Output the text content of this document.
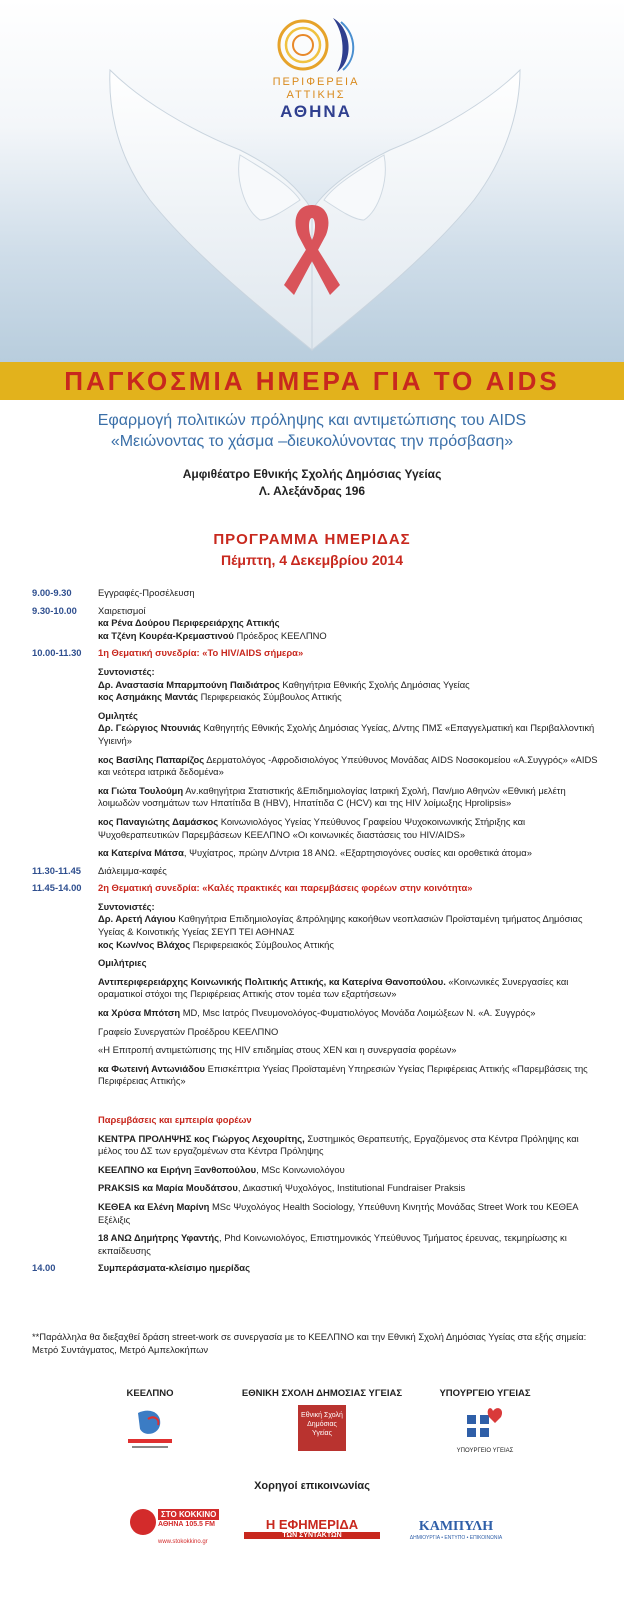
ΠΕΡΙΦΕΡΕΙΑ
ΑΤΤΙΚΗΣ
ΑΘΗΝΑ
ΠΑΓΚΟΣΜΙΑ ΗΜΕΡΑ ΓΙΑ ΤΟ AIDS
Εφαρμογή πολιτικών πρόληψης και αντιμετώπισης του AIDS
«Μειώνοντας το χάσμα –διευκολύνοντας την πρόσβαση»
Αμφιθέατρο Εθνικής Σχολής Δημόσιας Υγείας
Λ. Αλεξάνδρας 196
ΠΡΟΓΡΑΜΜΑ ΗΜΕΡΙΔΑΣ
Πέμπτη, 4 Δεκεμβρίου 2014
9.00-9.30	Εγγραφές-Προσέλευση
9.30-10.00	Χαιρετισμοί
κα Ρένα Δούρου Περιφερειάρχης Αττικής
κα Τζένη Κουρέα-Κρεμαστινού Πρόεδρος ΚΕΕΛΠΝΟ
10.00-11.30	1η Θεματική συνεδρία: «Το HIV/AIDS σήμερα»
Συντονιστές:
Δρ. Αναστασία Μπαρμπούνη Παιδιάτρος Καθηγήτρια Εθνικής Σχολής Δημόσιας Υγείας
κος Ασημάκης Μαντάς Περιφερειακός Σύμβουλος Αττικής
Ομιλητές
Δρ. Γεώργιος Ντουνιάς Καθηγητής Εθνικής Σχολής Δημόσιας Υγείας, Δ/ντης ΠΜΣ «Επαγγελματική και Περιβαλλοντική Υγιεινή»
κος Βασίλης Παπαρίζος Δερματολόγος -Αφροδισιολόγος Υπεύθυνος Μονάδας AIDS Νοσοκομείου «Α.Συγγρός» «AIDS και νεότερα ιατρικά δεδομένα»
κα Γιώτα Τουλούμη Αν.καθηγήτρια Στατιστικής &Επιδημιολογίας Ιατρική Σχολή, Παν/μιο Αθηνών «Εθνική μελέτη λοιμωδών νοσημάτων των Ηπατίτιδα Β (HBV), Ηπατίτιδα C (HCV) και της HIV λοίμωξης Hprolipsis»
κος Παναγιώτης Δαμάσκος Κοινωνιολόγος Υγείας Υπεύθυνος Γραφείου Ψυχοκοινωνικής Στήριξης και Ψυχοθεραπευτικών Παρεμβάσεων ΚΕΕΛΠΝΟ «Οι κοινωνικές διαστάσεις του HIV/AIDS»
κα Κατερίνα Μάτσα, Ψυχίατρος, πρώην Δ/ντρια 18 ΑΝΩ. «Εξαρτησιογόνες ουσίες και οροθετικά άτομα»
11.30-11.45	Διάλειμμα-καφές
11.45-14.00	2η Θεματική συνεδρία: «Καλές πρακτικές και παρεμβάσεις φορέων στην κοινότητα»
Συντονιστές:
Δρ. Αρετή Λάγιου Καθηγήτρια Επιδημιολογίας &πρόληψης κακοήθων νεοπλασιών Προϊσταμένη τμήματος Δημόσιας Υγείας & Κοινοτικής Υγείας ΣΕΥΠ ΤΕΙ ΑΘΗΝΑΣ
κος Κων/νος Βλάχος Περιφερειακός Σύμβουλος Αττικής
Ομιλήτριες
Αντιπεριφερειάρχης Κοινωνικής Πολιτικής Αττικής, κα Κατερίνα Θανοπούλου. «Κοινωνικές Συνεργασίες και οραματικοί στόχοι της Περιφέρειας Αττικής στον τομέα των εξαρτήσεων»
κα Χρύσα Μπότση MD, Msc Ιατρός Πνευμονολόγος-Φυματιολόγος Μονάδα Λοιμώξεων Ν. «Α. Συγγρός»
Γραφείο Συνεργατών Προέδρου ΚΕΕΛΠΝΟ
«Η Επιτροπή αντιμετώπισης της HIV επιδημίας στους ΧΕΝ και η συνεργασία φορέων»
κα Φωτεινή Αντωνιάδου Επισκέπτρια Υγείας Προϊσταμένη Υπηρεσιών Υγείας Περιφέρειας Αττικής «Παρεμβάσεις της Περιφέρειας Αττικής»
Παρεμβάσεις και εμπειρία φορέων
ΚΕΝΤΡΑ ΠΡΟΛΗΨΗΣ κος Γιώργος Λεχουρίτης, Συστημικός Θεραπευτής, Εργαζόμενος στα Κέντρα Πρόληψης και μέλος του ΔΣ των εργαζομένων στα Κέντρα Πρόληψης
ΚΕΕΛΠΝΟ κα Ειρήνη Ξανθοπούλου, MSc Κοινωνιολόγου
PRAKSIS κα Μαρία Μουδάτσου, Δικαστική Ψυχολόγος, Institutional Fundraiser Praksis
ΚΕΘΕΑ κα Ελένη Μαρίνη MSc Ψυχολόγος Health Sociology, Υπεύθυνη Κινητής Μονάδας Street Work του ΚΕΘΕΑ Εξέλιξις
18 ΑΝΩ Δημήτρης Υφαντής, Phd Κοινωνιολόγος, Επιστημονικός Υπεύθυνος Τμήματος έρευνας, τεκμηρίωσης κι εκπαίδευσης
14.00	Συμπεράσματα-κλείσιμο ημερίδας
**Παράλληλα θα διεξαχθεί δράση street-work σε συνεργασία με το ΚΕΕΛΠΝΟ και την Εθνική Σχολή Δημόσιας Υγείας στα εξής σημεία: Μετρό Συντάγματος, Μετρό Αμπελοκήπων
ΚΕΕΛΠΝΟ	ΕΘΝΙΚΗ ΣΧΟΛΗ ΔΗΜΟΣΙΑΣ ΥΓΕΙΑΣ
Εθνική Σχολή Δημόσιας Υγείας
ΥΠΟΥΡΓΕΙΟ ΥΓΕΙΑΣ
ΥΠΟΥΡΓΕΙΟ ΥΓΕΙΑΣ
Χορηγοί επικοινωνίας
ΣΤΟ ΚΟΚΚΙΝΟ
ΑΘΗΝΑ 105.5 FM
www.stokokkino.gr
Η ΕΦΗΜΕΡΙΔΑ
ΤΩΝ ΣΥΝΤΑΚΤΩΝ
ΚΑΜΠΥΛΗ
ΔΗΜΙΟΥΡΓΙΑ • ΕΝΤΥΠΟ • ΕΠΙΚΟΙΝΩΝΙΑ
